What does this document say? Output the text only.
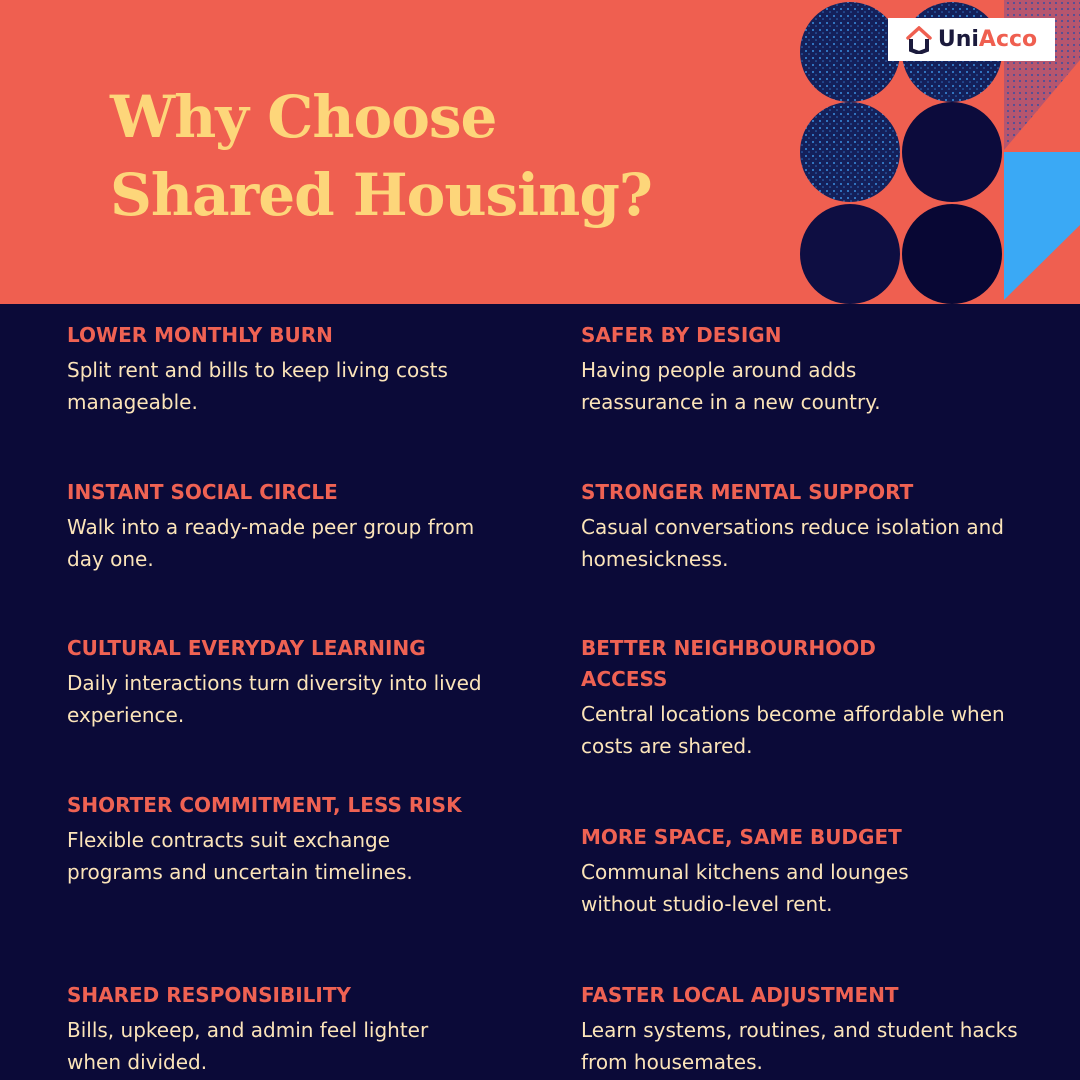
Why Choose
Shared Housing?
UniAcco
LOWER MONTHLY BURN

Split rent and bills to keep living costs manageable.

INSTANT SOCIAL CIRCLE

Walk into a ready-made peer group from day one.

CULTURAL EVERYDAY LEARNING

Daily interactions turn diversity into lived experience.

SHORTER COMMITMENT, LESS RISK

Flexible contracts suit exchange programs and uncertain timelines.

SHARED RESPONSIBILITY

Bills, upkeep, and admin feel lighter when divided.

SAFER BY DESIGN

Having people around adds reassurance in a new country.

STRONGER MENTAL SUPPORT

Casual conversations reduce isolation and homesickness.

BETTER NEIGHBOURHOOD ACCESS

Central locations become affordable when costs are shared.

MORE SPACE, SAME BUDGET

Communal kitchens and lounges without studio-level rent.

FASTER LOCAL ADJUSTMENT

Learn systems, routines, and student hacks from housemates.
